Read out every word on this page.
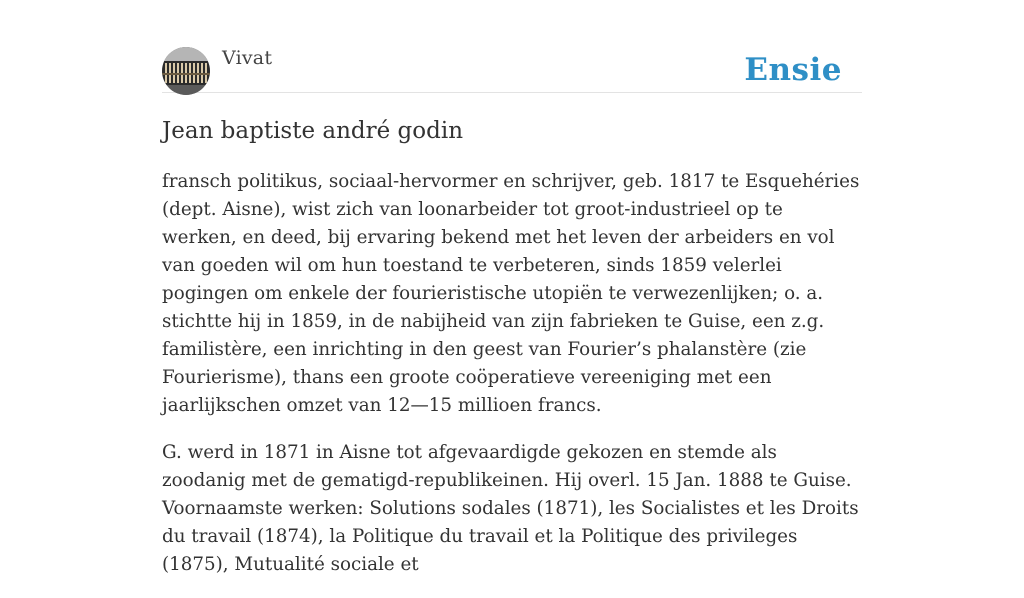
Vivat	Ensie
Jean baptiste andré godin

fransch politikus, sociaal-hervormer en schrijver, geb. 1817 te Esquehéries (dept. Aisne), wist zich van loonarbeider tot groot-industrieel op te werken, en deed, bij ervaring bekend met het leven der arbeiders en vol van goeden wil om hun toestand te verbeteren, sinds 1859 velerlei pogingen om enkele der fourieristische utopiën te verwezenlijken; o. a. stichtte hij in 1859, in de nabijheid van zijn fabrieken te Guise, een z.g. familistère, een inrichting in den geest van Fourier’s phalanstère (zie Fourierisme), thans een groote coöperatieve vereeniging met een jaarlijkschen omzet van 12—15 millioen francs.

G. werd in 1871 in Aisne tot afgevaardigde gekozen en stemde als zoodanig met de gematigd-republikeinen. Hij overl. 15 Jan. 1888 te Guise. Voornaamste werken: Solutions sodales (1871), les Socialistes et les Droits du travail (1874), la Politique du travail et la Politique des privileges (1875), Mutualité sociale et
